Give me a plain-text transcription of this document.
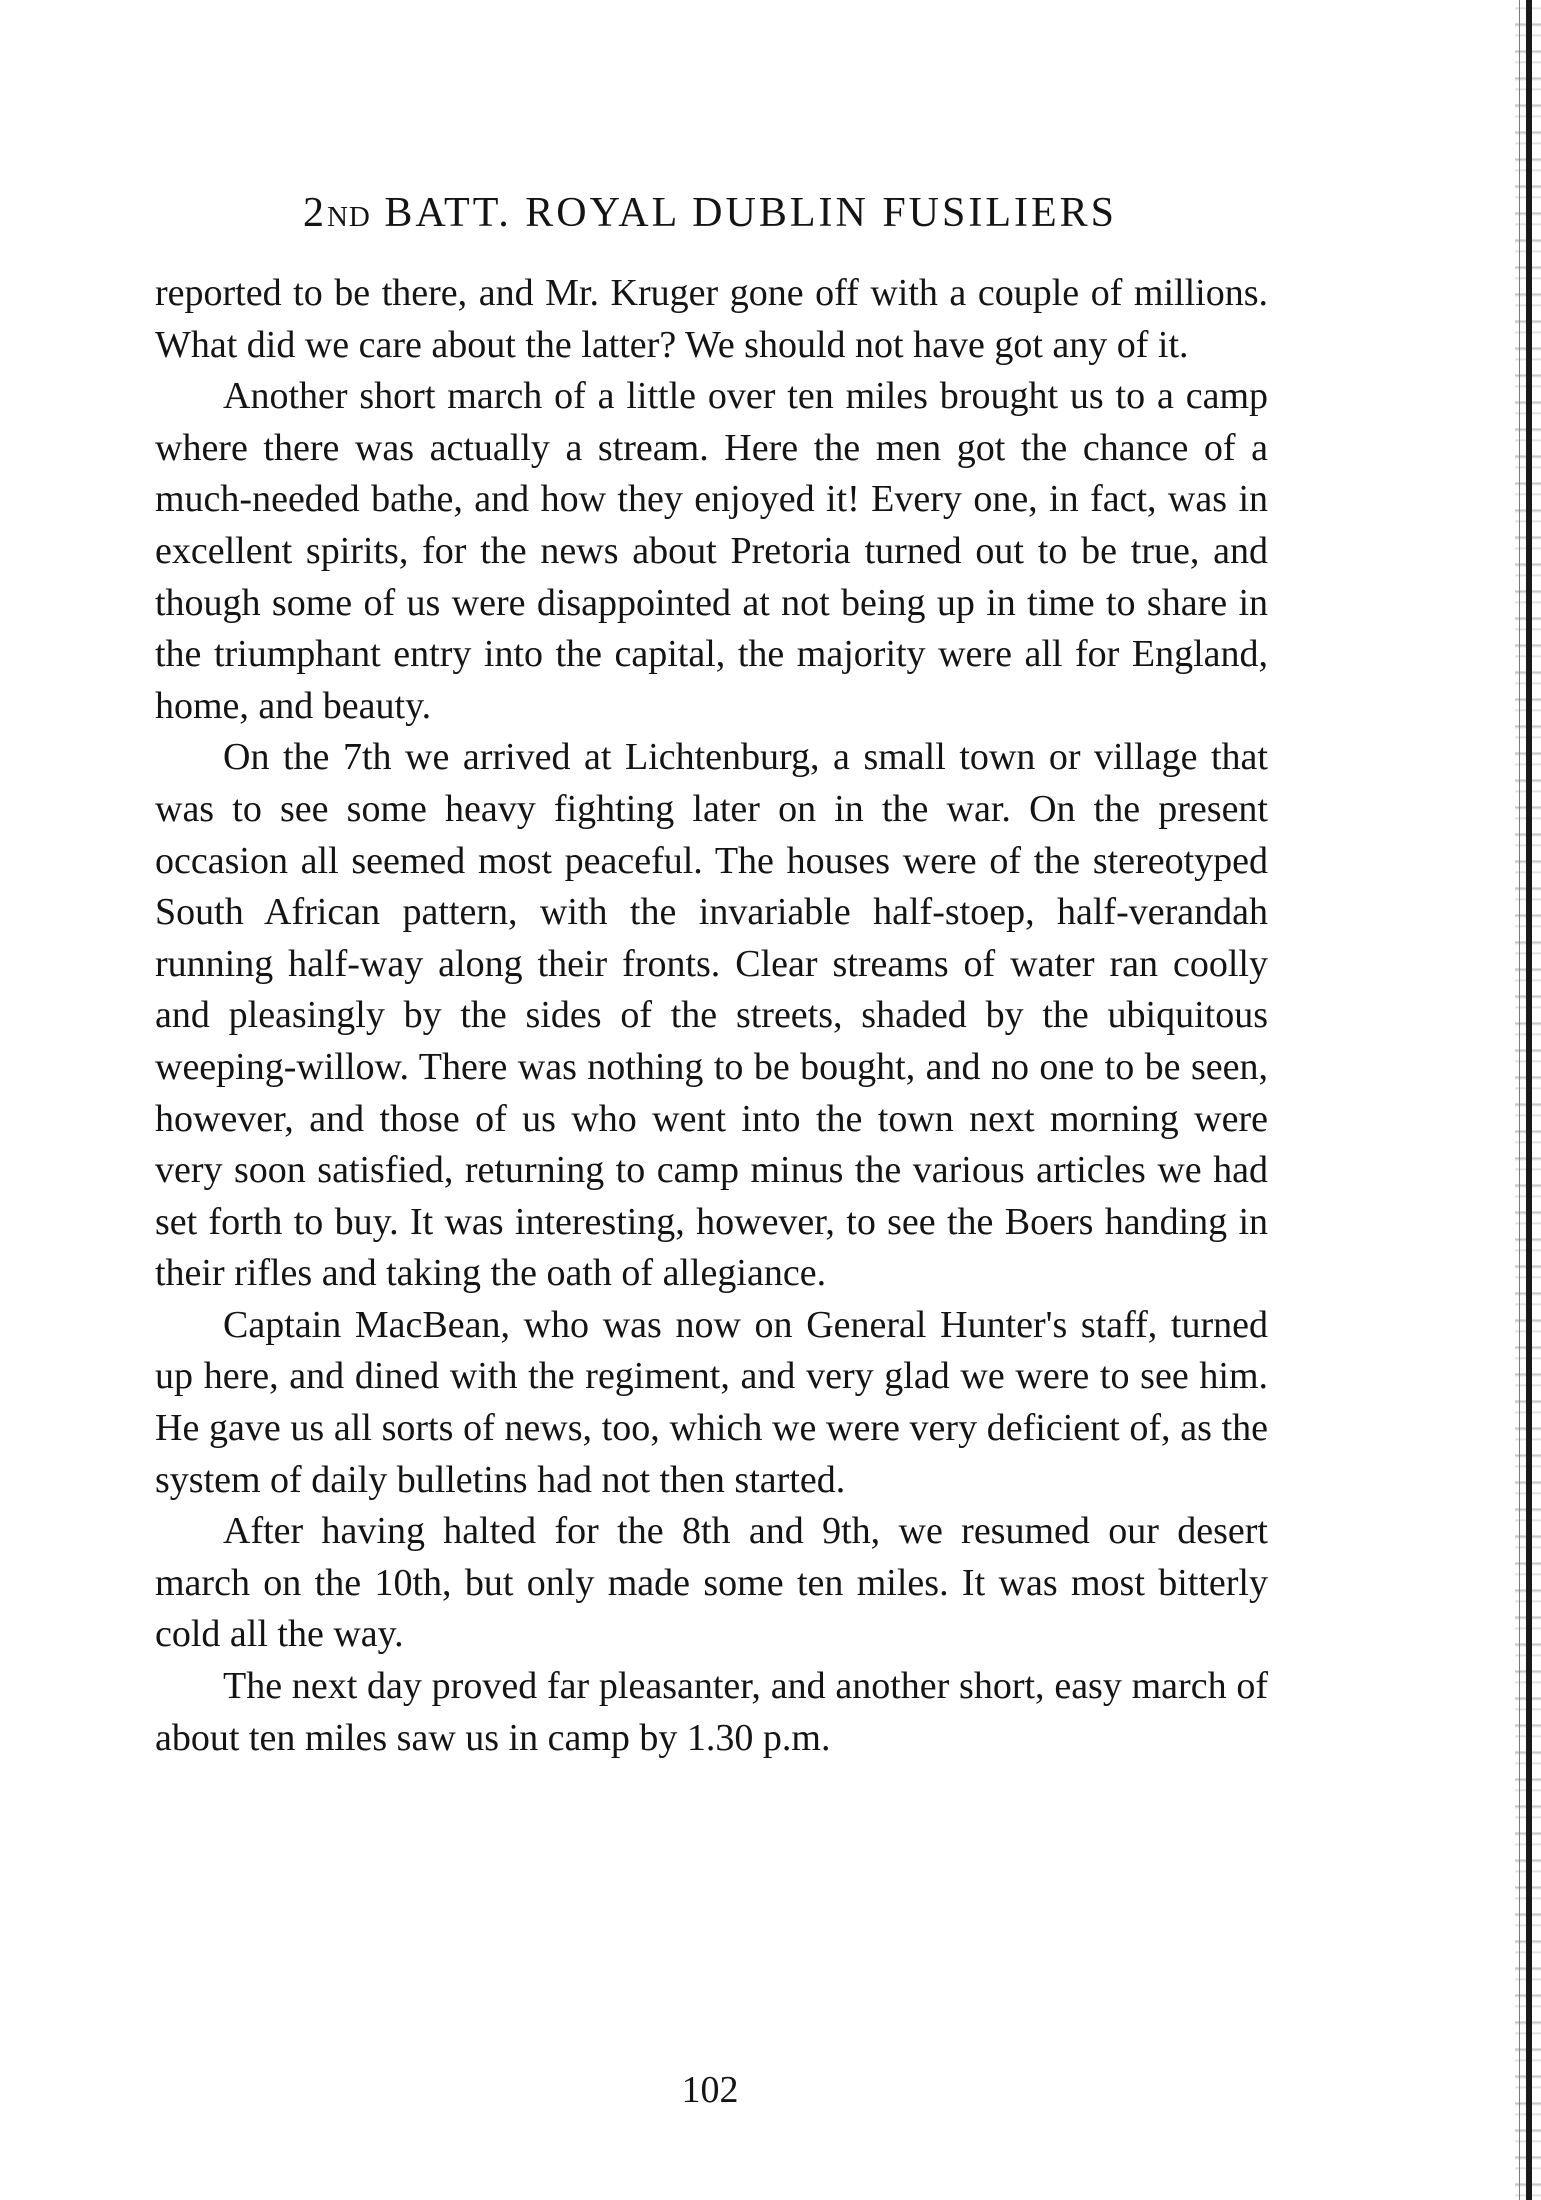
2ND BATT. ROYAL DUBLIN FUSILIERS

reported to be there, and Mr. Kruger gone off with a couple of millions. What did we care about the latter? We should not have got any of it.

Another short march of a little over ten miles brought us to a camp where there was actually a stream. Here the men got the chance of a much-needed bathe, and how they enjoyed it! Every one, in fact, was in excellent spirits, for the news about Pretoria turned out to be true, and though some of us were disappointed at not being up in time to share in the triumphant entry into the capital, the majority were all for England, home, and beauty.

On the 7th we arrived at Lichtenburg, a small town or village that was to see some heavy fighting later on in the war. On the present occasion all seemed most peaceful. The houses were of the stereotyped South African pattern, with the invariable half-stoep, half-verandah running half-way along their fronts. Clear streams of water ran coolly and pleasingly by the sides of the streets, shaded by the ubiquitous weeping-willow. There was nothing to be bought, and no one to be seen, however, and those of us who went into the town next morning were very soon satisfied, returning to camp minus the various articles we had set forth to buy. It was interesting, however, to see the Boers handing in their rifles and taking the oath of allegiance.

Captain MacBean, who was now on General Hunter's staff, turned up here, and dined with the regiment, and very glad we were to see him. He gave us all sorts of news, too, which we were very deficient of, as the system of daily bulletins had not then started.

After having halted for the 8th and 9th, we resumed our desert march on the 10th, but only made some ten miles. It was most bitterly cold all the way.

The next day proved far pleasanter, and another short, easy march of about ten miles saw us in camp by 1.30 p.m.

102
